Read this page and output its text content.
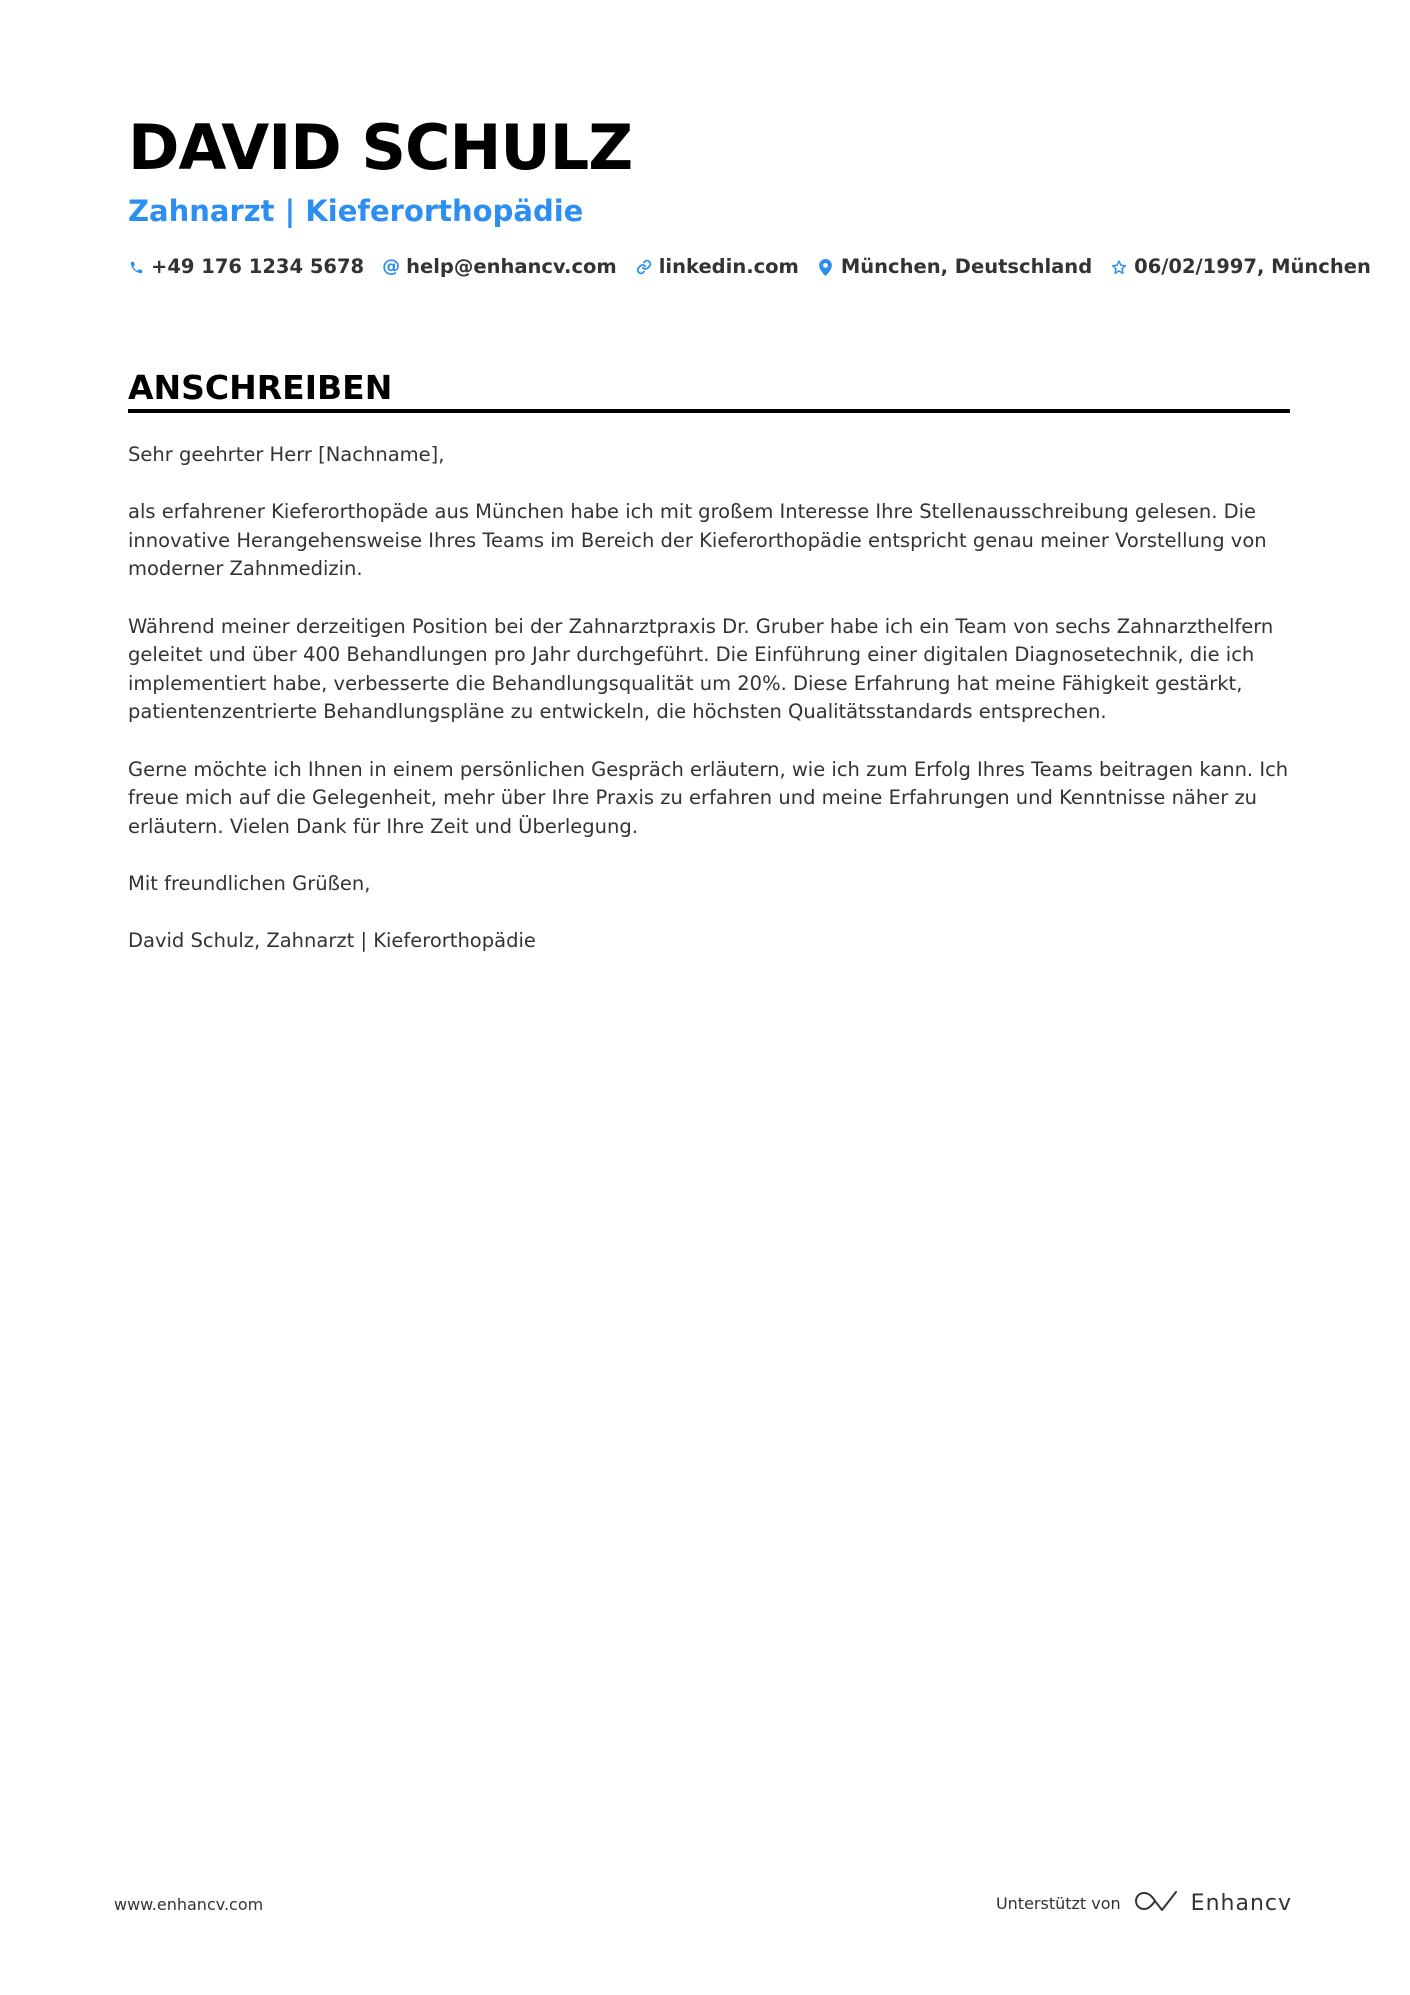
DAVID SCHULZ
Zahnarzt | Kieferorthopädie
+49 176 1234 5678 @ help@enhancv.com linkedin.com München, Deutschland 06/02/1997, München
ANSCHREIBEN

Sehr geehrter Herr [Nachname],

als erfahrener Kieferorthopäde aus München habe ich mit großem Interesse Ihre Stellenausschreibung gelesen. Die innovative Herangehensweise Ihres Teams im Bereich der Kieferorthopädie entspricht genau meiner Vorstellung von moderner Zahnmedizin.

Während meiner derzeitigen Position bei der Zahnarztpraxis Dr. Gruber habe ich ein Team von sechs Zahnarzthelfern geleitet und über 400 Behandlungen pro Jahr durchgeführt. Die Einführung einer digitalen Diagnosetechnik, die ich implementiert habe, verbesserte die Behandlungsqualität um 20%. Diese Erfahrung hat meine Fähigkeit gestärkt, patientenzentrierte Behandlungspläne zu entwickeln, die höchsten Qualitätsstandards entsprechen.

Gerne möchte ich Ihnen in einem persönlichen Gespräch erläutern, wie ich zum Erfolg Ihres Teams beitragen kann. Ich freue mich auf die Gelegenheit, mehr über Ihre Praxis zu erfahren und meine Erfahrungen und Kenntnisse näher zu erläutern. Vielen Dank für Ihre Zeit und Überlegung.

Mit freundlichen Grüßen,

David Schulz, Zahnarzt | Kieferorthopädie

www.enhancv.com	Unterstützt von	Enhancv
